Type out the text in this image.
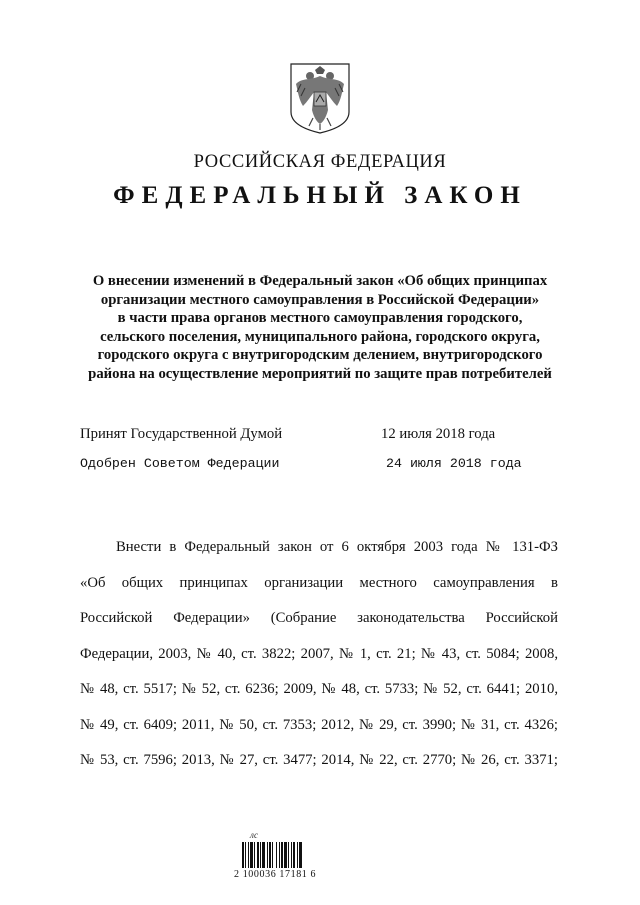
РОССИЙСКАЯ ФЕДЕРАЦИЯ
ФЕДЕРАЛЬНЫЙ ЗАКОН
О внесении изменений в Федеральный закон «Об общих принципах
организации местного самоуправления в Российской Федерации»
в части права органов местного самоуправления городского,
сельского поселения, муниципального района, городского округа,
городского округа с внутригородским делением, внутригородского
района на осуществление мероприятий по защите прав потребителей
Принят Государственной Думой	12 июля 2018 года
Одобрен Советом Федерации	24 июля 2018 года
Внести в Федеральный закон от 6 октября 2003 года № 131-ФЗ
«Об общих принципах организации местного самоуправления в
Российской Федерации» (Собрание законодательства Российской
Федерации, 2003, № 40, ст. 3822; 2007, № 1, ст. 21; № 43, ст. 5084; 2008,
№ 48, ст. 5517; № 52, ст. 6236; 2009, № 48, ст. 5733; № 52, ст. 6441; 2010,
№ 49, ст. 6409; 2011, № 50, ст. 7353; 2012, № 29, ст. 3990; № 31, ст. 4326;
№ 53, ст. 7596; 2013, № 27, ст. 3477; 2014, № 22, ст. 2770; № 26, ст. 3371;
лс
2 100036 17181 6
